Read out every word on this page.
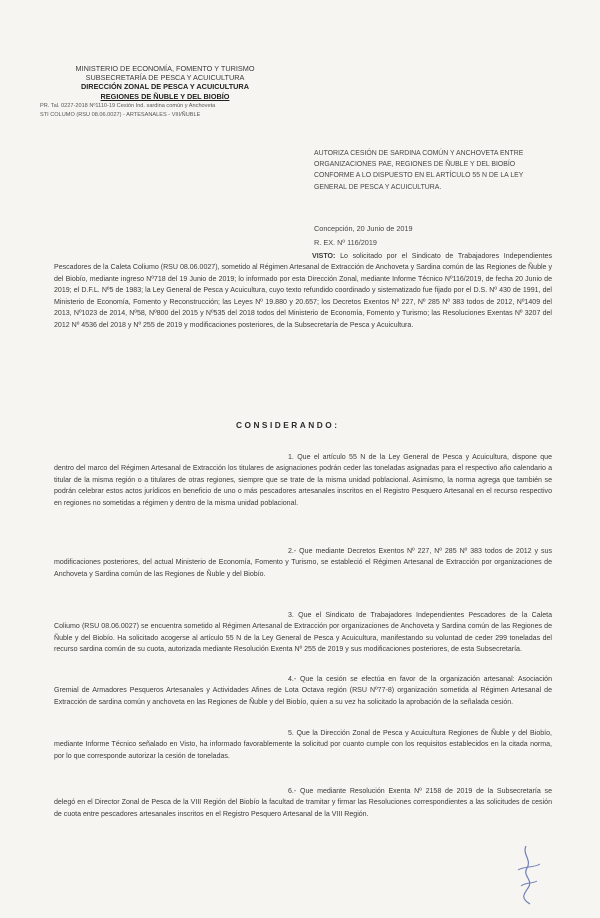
MINISTERIO DE ECONOMÍA, FOMENTO Y TURISMO
SUBSECRETARÍA DE PESCA Y ACUICULTURA
DIRECCIÓN ZONAL DE PESCA Y ACUICULTURA
REGIONES DE ÑUBLE Y DEL BIOBÍO
PR. Tal. 0227-2018 Nº1110-19 Cesión Ind. sardina común y Anchoveta
STI COLUMO (RSU 08.06.0027) - ARTESANALES - VIII/ÑUBLE
AUTORIZA CESIÓN DE SARDINA COMÚN Y ANCHOVETA ENTRE ORGANIZACIONES PAE, REGIONES DE ÑUBLE Y DEL BIOBÍO CONFORME A LO DISPUESTO EN EL ARTÍCULO 55 N DE LA LEY GENERAL DE PESCA Y ACUICULTURA.
Concepción, 20 Junio de 2019
R. EX. Nº 116/2019
VISTO: Lo solicitado por el Sindicato de Trabajadores Independientes Pescadores de la Caleta Coliumo (RSU 08.06.0027), sometido al Régimen Artesanal de Extracción de Anchoveta y Sardina común de las Regiones de Ñuble y del Biobío, mediante ingreso Nº718 del 19 Junio de 2019; lo informado por esta Dirección Zonal, mediante Informe Técnico Nº116/2019, de fecha 20 Junio de 2019; el D.F.L. Nº5 de 1983; la Ley General de Pesca y Acuicultura, cuyo texto refundido coordinado y sistematizado fue fijado por el D.S. Nº 430 de 1991, del Ministerio de Economía, Fomento y Reconstrucción; las Leyes Nº 19.880 y 20.657; los Decretos Exentos Nº 227, Nº 285 Nº 383 todos de 2012, Nº1409 del 2013, Nº1023 de 2014, Nº58, Nº800 del 2015 y Nº535 del 2018 todos del Ministerio de Economía, Fomento y Turismo; las Resoluciones Exentas Nº 3207 del 2012 Nº 4536 del 2018 y Nº 255 de 2019 y modificaciones posteriores, de la Subsecretaría de Pesca y Acuicultura.
CONSIDERANDO:
1. Que el artículo 55 N de la Ley General de Pesca y Acuicultura, dispone que dentro del marco del Régimen Artesanal de Extracción los titulares de asignaciones podrán ceder las toneladas asignadas para el respectivo año calendario a titular de la misma región o a titulares de otras regiones, siempre que se trate de la misma unidad poblacional. Asimismo, la norma agrega que también se podrán celebrar estos actos jurídicos en beneficio de uno o más pescadores artesanales inscritos en el Registro Pesquero Artesanal en el recurso respectivo en regiones no sometidas a régimen y dentro de la misma unidad poblacional.
2.- Que mediante Decretos Exentos Nº 227, Nº 285 Nº 383 todos de 2012 y sus modificaciones posteriores, del actual Ministerio de Economía, Fomento y Turismo, se estableció el Régimen Artesanal de Extracción por organizaciones de Anchoveta y Sardina común de las Regiones de Ñuble y del Biobío.
3. Que el Sindicato de Trabajadores Independientes Pescadores de la Caleta Coliumo (RSU 08.06.0027) se encuentra sometido al Régimen Artesanal de Extracción por organizaciones de Anchoveta y Sardina común de las Regiones de Ñuble y del Biobío. Ha solicitado acogerse al artículo 55 N de la Ley General de Pesca y Acuicultura, manifestando su voluntad de ceder 299 toneladas del recurso sardina común de su cuota, autorizada mediante Resolución Exenta Nº 255 de 2019 y sus modificaciones posteriores, de esta Subsecretaría.
4.- Que la cesión se efectúa en favor de la organización artesanal: Asociación Gremial de Armadores Pesqueros Artesanales y Actividades Afines de Lota Octava región (RSU Nº77-8) organización sometida al Régimen Artesanal de Extracción de sardina común y anchoveta en las Regiones de Ñuble y del Biobío, quien a su vez ha solicitado la aprobación de la señalada cesión.
5. Que la Dirección Zonal de Pesca y Acuicultura Regiones de Ñuble y del Biobío, mediante Informe Técnico señalado en Visto, ha informado favorablemente la solicitud por cuanto cumple con los requisitos establecidos en la citada norma, por lo que corresponde autorizar la cesión de toneladas.
6.- Que mediante Resolución Exenta Nº 2158 de 2019 de la Subsecretaría se delegó en el Director Zonal de Pesca de la VIII Región del Biobío la facultad de tramitar y firmar las Resoluciones correspondientes a las solicitudes de cesión de cuota entre pescadores artesanales inscritos en el Registro Pesquero Artesanal de la VIII Región.
